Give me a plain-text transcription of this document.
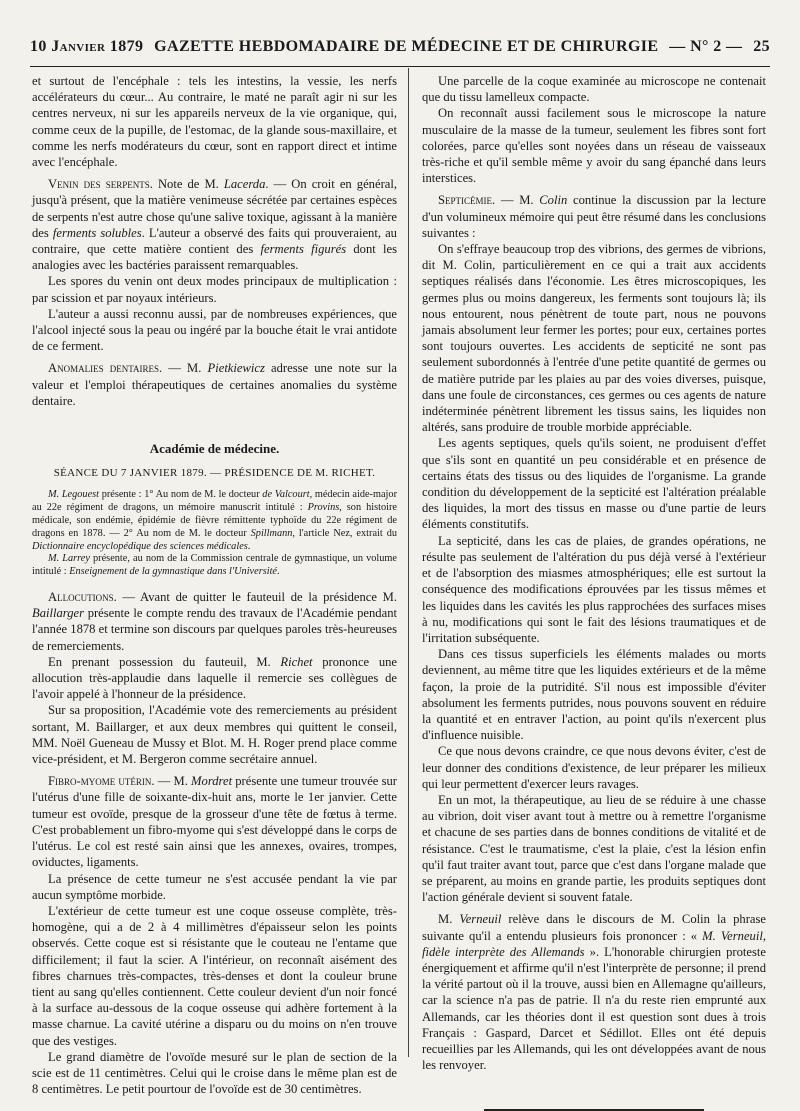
10 Janvier 1879 GAZETTE HEBDOMADAIRE DE MÉDECINE ET DE CHIRURGIE — N° 2 — 25

et surtout de l'encéphale : tels les intestins, la vessie, les nerfs accélérateurs du cœur... Au contraire, le maté ne paraît agir ni sur les centres nerveux, ni sur les appareils nerveux de la vie organique, qui, comme ceux de la pupille, de l'estomac, de la glande sous-maxillaire, et comme les nerfs modérateurs du cœur, sont en rapport direct et intime avec l'encéphale.

Venin des serpents. Note de M. Lacerda. — On croit en général, jusqu'à présent, que la matière venimeuse sécrétée par certaines espèces de serpents n'est autre chose qu'une salive toxique, agissant à la manière des ferments solubles. L'auteur a observé des faits qui prouveraient, au contraire, que cette matière contient des ferments figurés dont les analogies avec les bactéries paraissent remarquables.

Les spores du venin ont deux modes principaux de multiplication : par scission et par noyaux intérieurs.

L'auteur a aussi reconnu aussi, par de nombreuses expériences, que l'alcool injecté sous la peau ou ingéré par la bouche était le vrai antidote de ce ferment.

Anomalies dentaires. — M. Pietkiewicz adresse une note sur la valeur et l'emploi thérapeutiques de certaines anomalies du système dentaire.

Académie de médecine.
SÉANCE DU 7 JANVIER 1879. — PRÉSIDENCE DE M. RICHET.

M. Legouest présente : 1° Au nom de M. le docteur de Valcourt, médecin aide-major au 22e régiment de dragons, un mémoire manuscrit intitulé : Provins, son histoire médicale, son endémie, épidémie de fièvre rémittente typhoïde du 22e régiment de dragons en 1878. — 2° Au nom de M. le docteur Spillmann, l'article Nez, extrait du Dictionnaire encyclopédique des sciences médicales.

M. Larrey présente, au nom de la Commission centrale de gymnastique, un volume intitulé : Enseignement de la gymnastique dans l'Université.

Allocutions. — Avant de quitter le fauteuil de la présidence M. Baillarger présente le compte rendu des travaux de l'Académie pendant l'année 1878 et termine son discours par quelques paroles très-heureuses de remerciements.

En prenant possession du fauteuil, M. Richet prononce une allocution très-applaudie dans laquelle il remercie ses collègues de l'avoir appelé à l'honneur de la présidence.

Sur sa proposition, l'Académie vote des remerciements au président sortant, M. Baillarger, et aux deux membres qui quittent le conseil, MM. Noël Gueneau de Mussy et Blot. M. H. Roger prend place comme vice-président, et M. Bergeron comme secrétaire annuel.

Fibro-myome utérin. — M. Mordret présente une tumeur trouvée sur l'utérus d'une fille de soixante-dix-huit ans, morte le 1er janvier. Cette tumeur est ovoïde, presque de la grosseur d'une tête de fœtus à terme. C'est probablement un fibro-myome qui s'est développé dans le corps de l'utérus. Le col est resté sain ainsi que les annexes, ovaires, trompes, oviductes, ligaments.

La présence de cette tumeur ne s'est accusée pendant la vie par aucun symptôme morbide.

L'extérieur de cette tumeur est une coque osseuse complète, très-homogène, qui a de 2 à 4 millimètres d'épaisseur selon les points observés. Cette coque est si résistante que le couteau ne l'entame que difficilement; il faut la scier. A l'intérieur, on reconnaît aisément des fibres charnues très-compactes, très-denses et dont la couleur brune tient au sang qu'elles contiennent. Cette couleur devient d'un noir foncé à la surface au-dessous de la coque osseuse qui adhère fortement à la masse charnue. La cavité utérine a disparu ou du moins on n'en trouve que des vestiges.

Le grand diamètre de l'ovoïde mesuré sur le plan de section de la scie est de 11 centimètres. Celui qui le croise dans le même plan est de 8 centimètres. Le petit pourtour de l'ovoïde est de 30 centimètres.

Une parcelle de la coque examinée au microscope ne contenait que du tissu lamelleux compacte.

On reconnaît aussi facilement sous le microscope la nature musculaire de la masse de la tumeur, seulement les fibres sont fort colorées, parce qu'elles sont noyées dans un réseau de vaisseaux très-riche et qu'il semble même y avoir du sang épanché dans leurs interstices.

Septicémie. — M. Colin continue la discussion par la lecture d'un volumineux mémoire qui peut être résumé dans les conclusions suivantes :

On s'effraye beaucoup trop des vibrions, des germes de vibrions, dit M. Colin, particulièrement en ce qui a trait aux accidents septiques réalisés dans l'économie. Les êtres microscopiques, les germes plus ou moins dangereux, les ferments sont toujours là; ils nous entourent, nous pénètrent de toute part, nous ne pouvons jamais absolument leur fermer les portes; pour eux, certaines portes sont toujours ouvertes. Les accidents de septicité ne sont pas seulement subordonnés à l'entrée d'une petite quantité de germes ou de matière putride par les plaies au par des voies diverses, puisque, dans une foule de circonstances, ces germes ou ces agents de nature indéterminée pénètrent librement les tissus sains, les liquides non altérés, sans produire de trouble morbide appréciable.

Les agents septiques, quels qu'ils soient, ne produisent d'effet que s'ils sont en quantité un peu considérable et en présence de certains états des tissus ou des liquides de l'organisme. La grande condition du développement de la septicité est l'altération préalable des liquides, la mort des tissus en masse ou d'une partie de leurs éléments constitutifs.

La septicité, dans les cas de plaies, de grandes opérations, ne résulte pas seulement de l'altération du pus déjà versé à l'extérieur et de l'absorption des miasmes atmosphériques; elle est surtout la conséquence des modifications éprouvées par les tissus mêmes et les liquides dans les cavités les plus rapprochées des surfaces mises à nu, modifications qui sont le fait des lésions traumatiques et de l'irritation subséquente.

Dans ces tissus superficiels les éléments malades ou morts deviennent, au même titre que les liquides extérieurs et de la même façon, la proie de la putridité. S'il nous est impossible d'éviter absolument les ferments putrides, nous pouvons souvent en réduire la quantité et en entraver l'action, au point qu'ils n'exercent plus d'influence nuisible.

Ce que nous devons craindre, ce que nous devons éviter, c'est de leur donner des conditions d'existence, de leur préparer les milieux qui leur permettent d'exercer leurs ravages.

En un mot, la thérapeutique, au lieu de se réduire à une chasse au vibrion, doit viser avant tout à mettre ou à remettre l'organisme et chacune de ses parties dans de bonnes conditions de vitalité et de résistance. C'est le traumatisme, c'est la plaie, c'est la lésion enfin qu'il faut traiter avant tout, parce que c'est dans l'organe malade que se préparent, au moins en grande partie, les produits septiques dont l'action générale devient si souvent fatale.

M. Verneuil relève dans le discours de M. Colin la phrase suivante qu'il a entendu plusieurs fois prononcer : « M. Verneuil, fidèle interprète des Allemands ». L'honorable chirurgien proteste énergiquement et affirme qu'il n'est l'interprète de personne; il prend la vérité partout où il la trouve, aussi bien en Allemagne qu'ailleurs, car la science n'a pas de patrie. Il n'a du reste rien emprunté aux Allemands, car les théories dont il est question sont dues à trois Français : Gaspard, Darcet et Sédillot. Elles ont été depuis recueillies par les Allemands, qui les ont développées avant de nous les renvoyer.
